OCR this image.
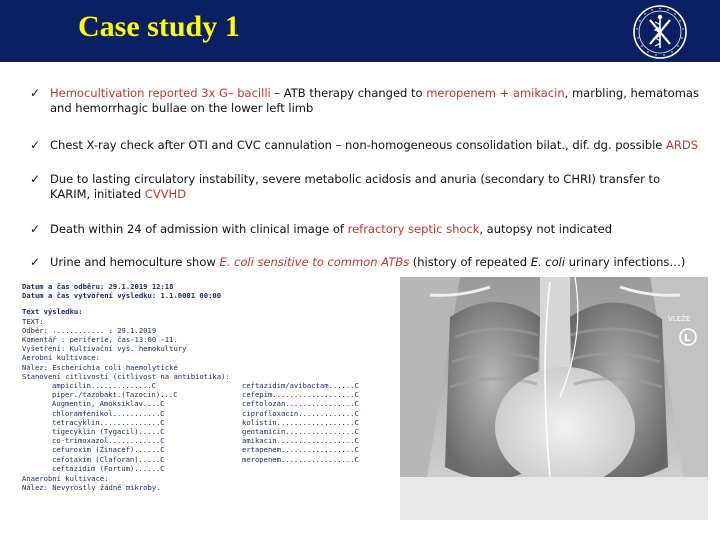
Case study 1
✓ Hemocultivation reported 3x G– bacilli – ATB therapy changed to meropenem + amikacin, marbling, hematomas and hemorrhagic bullae on the lower left limb
✓ Chest X-ray check after OTI and CVC cannulation – non-homogeneous consolidation bilat., dif. dg. possible ARDS
✓ Due to lasting circulatory instability, severe metabolic acidosis and anuria (secondary to CHRI) transfer to KARIM, initiated CVVHD
✓ Death within 24 of admission with clinical image of refractory septic shock, autopsy not indicated
✓ Urine and hemoculture show E. coli sensitive to common ATBs (history of repeated E. coli urinary infections…)
Datum a čas odběru: 29.1.2019 12:18
Datum a čas vytvoření výsledku: 1.1.0001 00:00
Text výsledku:
TEXT:
Odběr: ............ : 29.1.2019
Komentář : periferie, čas-13:00 -11.
Vyšetření: Kultivační vyš. hemokultury
Aerobní kultivace:
Nález: Escherichia coli haemolytické
Stanovení citlivosti (citlivost na antibiotika):
ampicilin..............C
piper./tazobakt.(Tazocin)...C
Augmentin, Amoksiklav....C
chloramfenikol...........C
tetracyklin..............C
tigecyklin (Tygacil).....C
co-trimoxazol............C
cefuroxim (Zinacef)......C
cefotaxim (Claforan).....C
ceftazidim (Fortum)......C
ceftazidim/avibactam......C
cefepim...................C
ceftolozan................C
ciprofloxacin.............C
kolistin..................C
gentamicin................C
amikacin..................C
ertapenem.................C
meropenem.................C
Anaerobní kultivace:
Nález: Nevyrostly žádné mikroby.
VLEŽE
L
